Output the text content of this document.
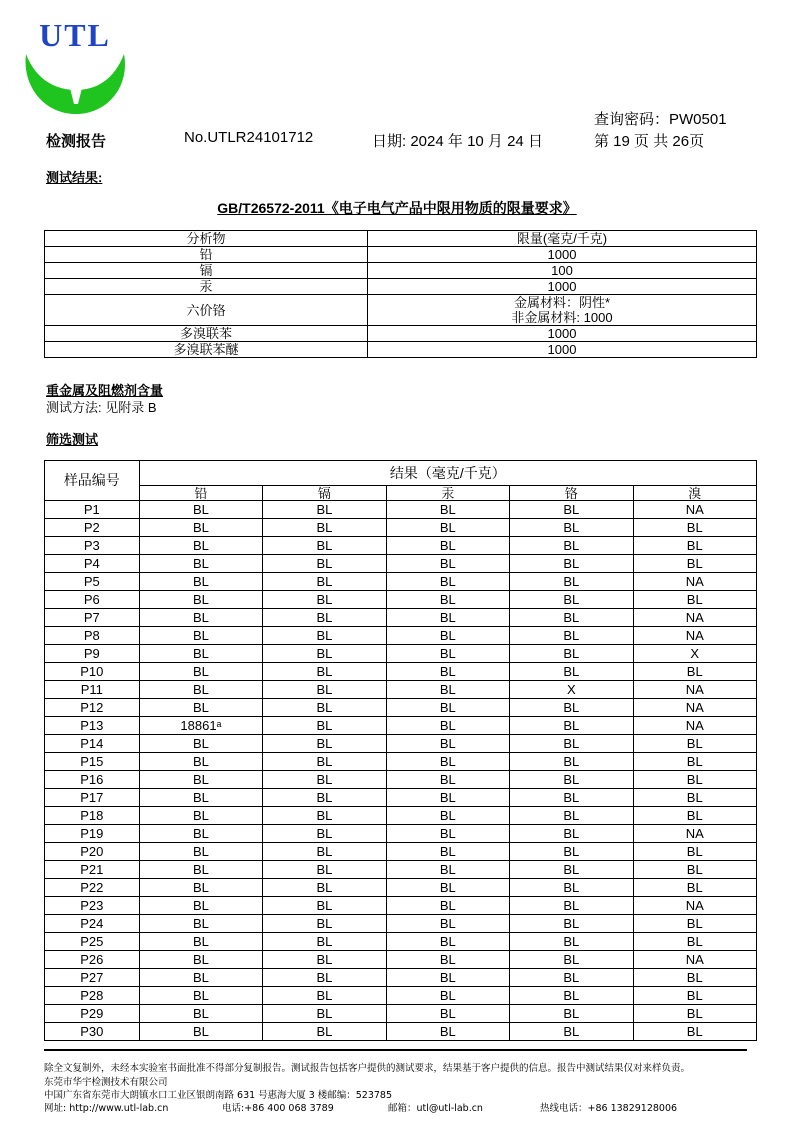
UTL
查询密码：PW0501
检测报告	No.UTLR24101712	日期: 2024 年 10 月 24 日	第 19 页 共 26页
测试结果:
GB/T26572-2011《电子电气产品中限用物质的限量要求》
分析物	限量(毫克/千克)
铅	1000
镉	100
汞	1000
六价铬	金属材料：阴性*
非金属材料: 1000

多溴联苯	1000
多溴联苯醚	1000
重金属及阻燃剂含量
测试方法: 见附录 B
筛选测试
样品编号	结果（毫克/千克）				
	铅	镉	汞	铬	溴
P1	BL	BL	BL	BL	NA
P2	BL	BL	BL	BL	BL
P3	BL	BL	BL	BL	BL
P4	BL	BL	BL	BL	BL
P5	BL	BL	BL	BL	NA
P6	BL	BL	BL	BL	BL
P7	BL	BL	BL	BL	NA
P8	BL	BL	BL	BL	NA
P9	BL	BL	BL	BL	X
P10	BL	BL	BL	BL	BL
P11	BL	BL	BL	X	NA
P12	BL	BL	BL	BL	NA
P13	18861ᵃ	BL	BL	BL	NA
P14	BL	BL	BL	BL	BL
P15	BL	BL	BL	BL	BL
P16	BL	BL	BL	BL	BL
P17	BL	BL	BL	BL	BL
P18	BL	BL	BL	BL	BL
P19	BL	BL	BL	BL	NA
P20	BL	BL	BL	BL	BL
P21	BL	BL	BL	BL	BL
P22	BL	BL	BL	BL	BL
P23	BL	BL	BL	BL	NA
P24	BL	BL	BL	BL	BL
P25	BL	BL	BL	BL	BL
P26	BL	BL	BL	BL	NA
P27	BL	BL	BL	BL	BL
P28	BL	BL	BL	BL	BL
P29	BL	BL	BL	BL	BL
P30	BL	BL	BL	BL	BL
除全文复制外，未经本实验室书面批准不得部分复制报告。测试报告包括客户提供的测试要求，结果基于客户提供的信息。报告中测试结果仅对来样负责。
东莞市华宇检测技术有限公司
中国广东省东莞市大朗镇水口工业区银朗南路 631 号惠海大厦 3 楼邮编：523785
网址: http://www.utl-lab.cn	电话:+86 400 068 3789	邮箱：utl@utl-lab.cn	热线电话：+86 13829128006
